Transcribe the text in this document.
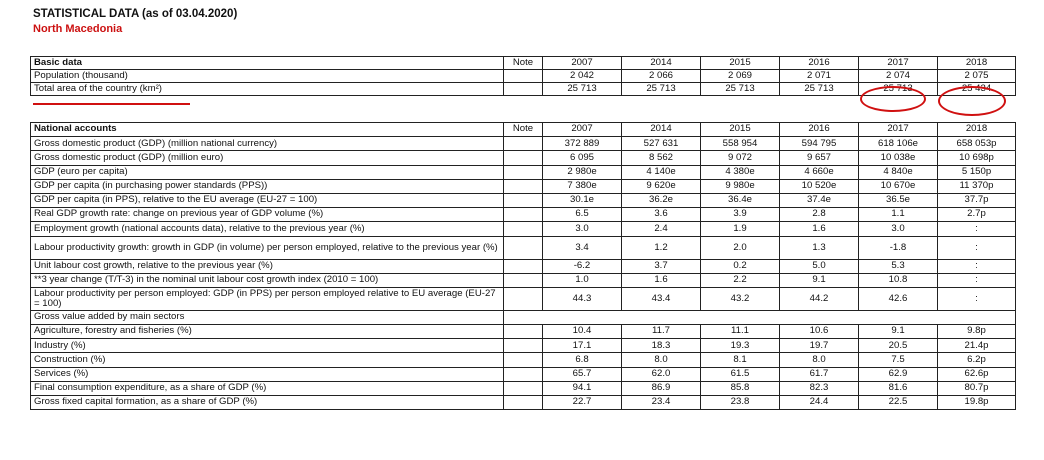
STATISTICAL DATA (as of 03.04.2020)
North Macedonia
Basic data	Note	2007	2014	2015	2016	2017	2018
Population (thousand)		2 042	2 066	2 069	2 071	2 074	2 075
Total area of the country (km²)		25 713	25 713	25 713	25 713	25 713	25 434
National accounts	Note	2007	2014	2015	2016	2017	2018
Gross domestic product (GDP) (million national currency)		372 889	527 631	558 954	594 795	618 106e	658 053p
Gross domestic product (GDP) (million euro)		6 095	8 562	9 072	9 657	10 038e	10 698p
GDP (euro per capita)		2 980e	4 140e	4 380e	4 660e	4 840e	5 150p
GDP per capita (in purchasing power standards (PPS))		7 380e	9 620e	9 980e	10 520e	10 670e	11 370p
GDP per capita (in PPS), relative to the EU average (EU-27 = 100)		30.1e	36.2e	36.4e	37.4e	36.5e	37.7p
Real GDP growth rate: change on previous year of GDP volume (%)		6.5	3.6	3.9	2.8	1.1	2.7p
Employment growth (national accounts data), relative to the previous year (%)		3.0	2.4	1.9	1.6	3.0	:
Labour productivity growth: growth in GDP (in volume) per person employed, relative to the previous year (%)		3.4	1.2	2.0	1.3	-1.8	:
Unit labour cost growth, relative to the previous year (%)		-6.2	3.7	0.2	5.0	5.3	:
**3 year change (T/T-3) in the nominal unit labour cost growth index (2010 = 100)		1.0	1.6	2.2	9.1	10.8	:
Labour productivity per person employed: GDP (in PPS) per person employed relative to EU average (EU-27 = 100)		44.3	43.4	43.2	44.2	42.6	:
Gross value added by main sectors							
Agriculture, forestry and fisheries (%)		10.4	11.7	11.1	10.6	9.1	9.8p
Industry (%)		17.1	18.3	19.3	19.7	20.5	21.4p
Construction (%)		6.8	8.0	8.1	8.0	7.5	6.2p
Services (%)		65.7	62.0	61.5	61.7	62.9	62.6p
Final consumption expenditure, as a share of GDP (%)		94.1	86.9	85.8	82.3	81.6	80.7p
Gross fixed capital formation, as a share of GDP (%)		22.7	23.4	23.8	24.4	22.5	19.8p
